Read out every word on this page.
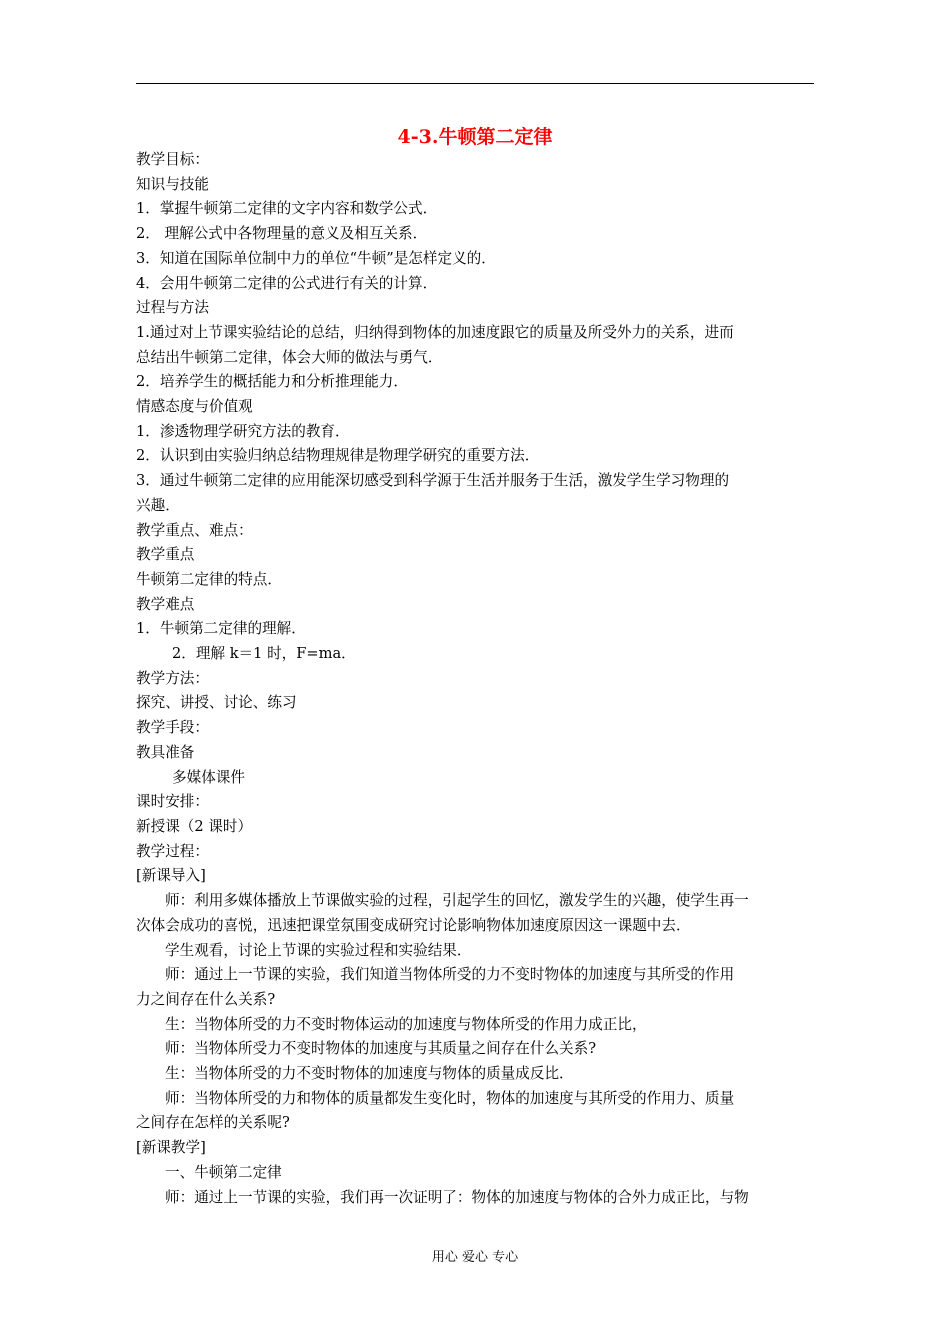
4-3.牛顿第二定律
教学目标：
知识与技能
1．掌握牛顿第二定律的文字内容和数学公式．
2． 理解公式中各物理量的意义及相互关系．
3．知道在国际单位制中力的单位“牛顿”是怎样定义的．
4．会用牛顿第二定律的公式进行有关的计算．
过程与方法
1.通过对上节课实验结论的总结，归纳得到物体的加速度跟它的质量及所受外力的关系，进而
总结出牛顿第二定律，体会大师的做法与勇气．
2．培养学生的概括能力和分析推理能力．
情感态度与价值观
1．渗透物理学研究方法的教育．
2．认识到由实验归纳总结物理规律是物理学研究的重要方法．
3．通过牛顿第二定律的应用能深切感受到科学源于生活并服务于生活，激发学生学习物理的
兴趣．
教学重点、难点：
教学重点
牛顿第二定律的特点．
教学难点
1．牛顿第二定律的理解．
2．理解 k＝1 时，F=ma．
教学方法：
探究、讲授、讨论、练习
教学手段：
教具准备
多媒体课件
课时安排：
新授课（2 课时）
教学过程：
[新课导入]
师：利用多媒体播放上节课做实验的过程，引起学生的回忆，激发学生的兴趣，使学生再一
次体会成功的喜悦，迅速把课堂氛围变成研究讨论影响物体加速度原因这一课题中去．
学生观看，讨论上节课的实验过程和实验结果．
师：通过上一节课的实验，我们知道当物体所受的力不变时物体的加速度与其所受的作用
力之间存在什么关系?
生：当物体所受的力不变时物体运动的加速度与物体所受的作用力成正比，
师：当物体所受力不变时物体的加速度与其质量之间存在什么关系?
生：当物体所受的力不变时物体的加速度与物体的质量成反比．
师：当物体所受的力和物体的质量都发生变化时，物体的加速度与其所受的作用力、质量
之间存在怎样的关系呢?
[新课教学]
一、牛顿第二定律
师：通过上一节课的实验，我们再一次证明了：物体的加速度与物体的合外力成正比，与物
用心 爱心 专心
